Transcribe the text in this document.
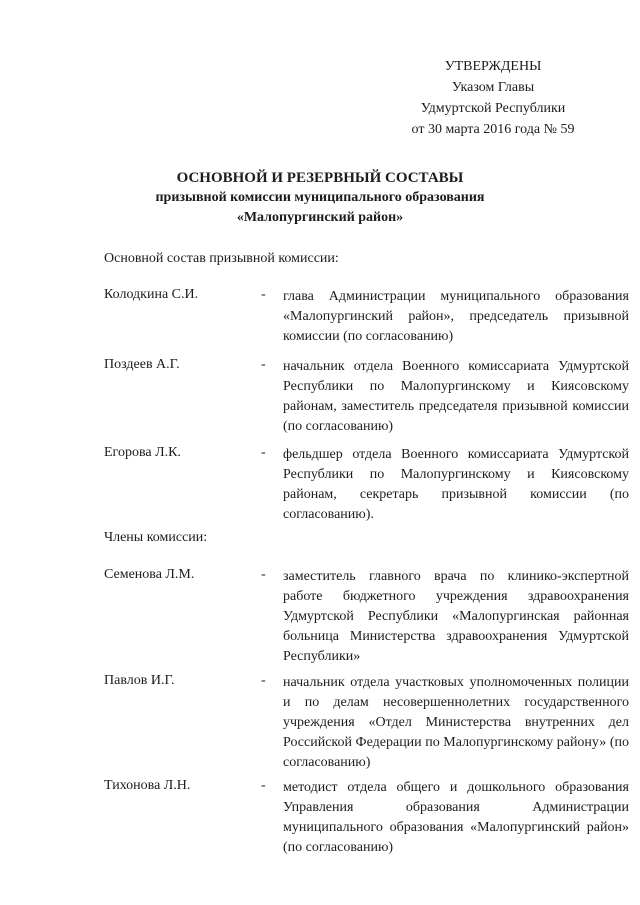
УТВЕРЖДЕНЫ
Указом Главы
Удмуртской Республики
от 30 марта 2016 года № 59
ОСНОВНОЙ И РЕЗЕРВНЫЙ СОСТАВЫ
призывной комиссии муниципального образования
«Малопургинский район»
Основной состав призывной комиссии:
Колодкина С.И.	- глава Администрации муниципального образования «Малопургинский район», председатель призывной комиссии (по согласованию)
Поздеев А.Г.	- начальник отдела Военного комиссариата Удмуртской Республики по Малопургинскому и Киясовскому районам, заместитель председателя призывной комиссии (по согласованию)
Егорова Л.К.	- фельдшер отдела Военного комиссариата Удмуртской Республики по Малопургинскому и Киясовскому районам, секретарь призывной комиссии (по согласованию).
Члены комиссии:
Семенова Л.М.	- заместитель главного врача по клинико-экспертной работе бюджетного учреждения здравоохранения Удмуртской Республики «Малопургинская районная больница Министерства здравоохранения Удмуртской Республики»
Павлов И.Г.	- начальник отдела участковых уполномоченных полиции и по делам несовершеннолетних государственного учреждения «Отдел Министерства внутренних дел Российской Федерации по Малопургинскому району» (по согласованию)
Тихонова Л.Н.	- методист отдела общего и дошкольного образования Управления образования Администрации муниципального образования «Малопургинский район» (по согласованию)
